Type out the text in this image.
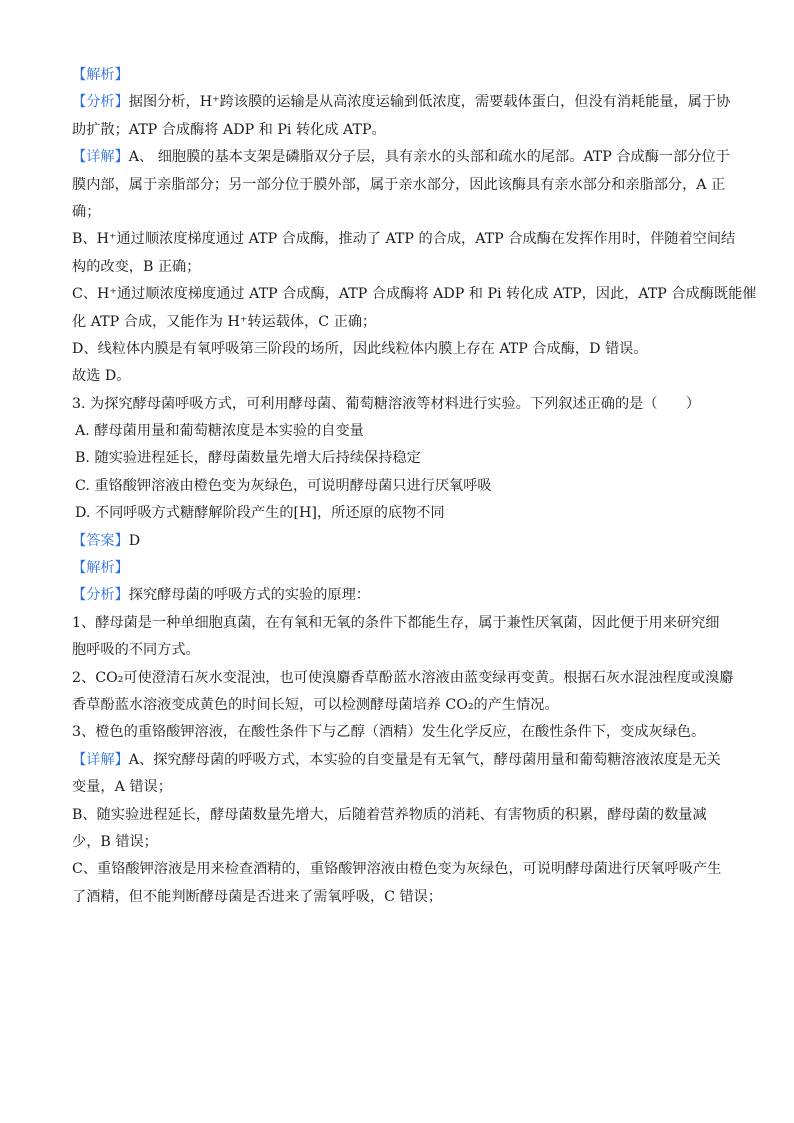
【解析】
【分析】据图分析，H⁺跨该膜的运输是从高浓度运输到低浓度，需要载体蛋白，但没有消耗能量，属于协
助扩散；ATP 合成酶将 ADP 和 Pi 转化成 ATP。
【详解】A、 细胞膜的基本支架是磷脂双分子层，具有亲水的头部和疏水的尾部。ATP 合成酶一部分位于
膜内部，属于亲脂部分；另一部分位于膜外部，属于亲水部分，因此该酶具有亲水部分和亲脂部分，A 正
确；
B、H⁺通过顺浓度梯度通过 ATP 合成酶，推动了 ATP 的合成，ATP 合成酶在发挥作用时，伴随着空间结
构的改变，B 正确；
C、H⁺通过顺浓度梯度通过 ATP 合成酶，ATP 合成酶将 ADP 和 Pi 转化成 ATP，因此，ATP 合成酶既能催
化 ATP 合成，又能作为 H⁺转运载体，C 正确；
D、线粒体内膜是有氧呼吸第三阶段的场所，因此线粒体内膜上存在 ATP 合成酶，D 错误。
故选 D。
3. 为探究酵母菌呼吸方式，可利用酵母菌、葡萄糖溶液等材料进行实验。下列叙述正确的是（　　）
A. 酵母菌用量和葡萄糖浓度是本实验的自变量
B. 随实验进程延长，酵母菌数量先增大后持续保持稳定
C. 重铬酸钾溶液由橙色变为灰绿色，可说明酵母菌只进行厌氧呼吸
D. 不同呼吸方式糖酵解阶段产生的[H]，所还原的底物不同
【答案】D
【解析】
【分析】探究酵母菌的呼吸方式的实验的原理：
1、酵母菌是一种单细胞真菌，在有氧和无氧的条件下都能生存，属于兼性厌氧菌，因此便于用来研究细
胞呼吸的不同方式。
2、CO₂可使澄清石灰水变混浊，也可使溴麝香草酚蓝水溶液由蓝变绿再变黄。根据石灰水混浊程度或溴麝
香草酚蓝水溶液变成黄色的时间长短，可以检测酵母菌培养 CO₂的产生情况。
3、橙色的重铬酸钾溶液，在酸性条件下与乙醇（酒精）发生化学反应，在酸性条件下，变成灰绿色。
【详解】A、探究酵母菌的呼吸方式，本实验的自变量是有无氧气，酵母菌用量和葡萄糖溶液浓度是无关
变量，A 错误；
B、随实验进程延长，酵母菌数量先增大，后随着营养物质的消耗、有害物质的积累，酵母菌的数量减
少，B 错误；
C、重铬酸钾溶液是用来检查酒精的，重铬酸钾溶液由橙色变为灰绿色，可说明酵母菌进行厌氧呼吸产生
了酒精，但不能判断酵母菌是否进来了需氧呼吸，C 错误；
